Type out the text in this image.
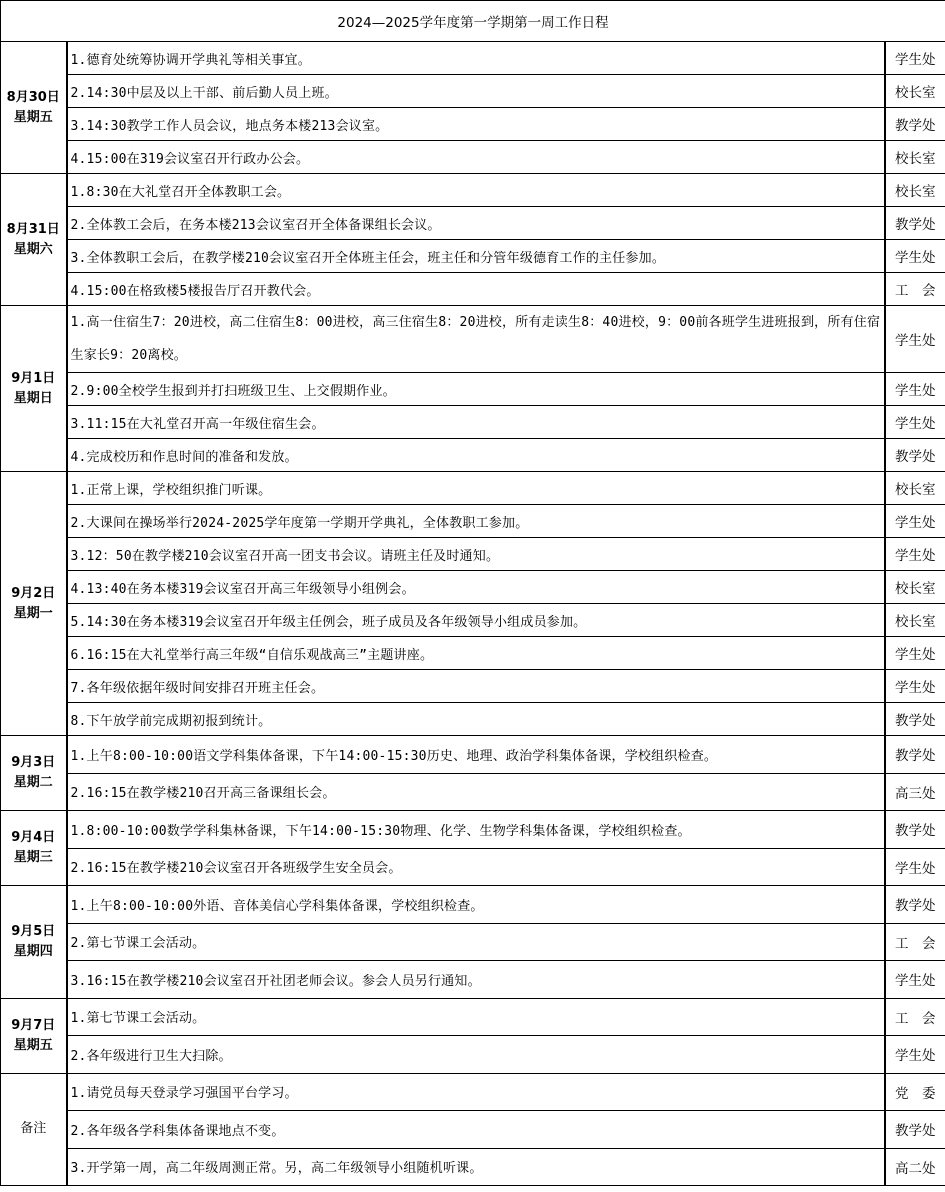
2024—2025学年度第一学期第一周工作日程		

8月30日
星期五	1.德育处统筹协调开学典礼等相关事宜。	学生处
	2.14:30中层及以上干部、前后勤人员上班。	校长室
	3.14:30教学工作人员会议，地点务本楼213会议室。	教学处
	4.15:00在319会议室召开行政办公会。	校长室

8月31日
星期六	1.8:30在大礼堂召开全体教职工会。	校长室
	2.全体教工会后，在务本楼213会议室召开全体备课组长会议。	教学处
	3.全体教职工会后，在教学楼210会议室召开全体班主任会，班主任和分管年级德育工作的主任参加。	学生处
	4.15:00在格致楼5楼报告厅召开教代会。	工　会

9月1日
星期日	1.高一住宿生7：20进校，高二住宿生8：00进校，高三住宿生8：20进校，所有走读生8：40进校，9：00前各班学生进班报到，所有住宿生家长9：20离校。	学生处
	2.9:00全校学生报到并打扫班级卫生、上交假期作业。	学生处
	3.11:15在大礼堂召开高一年级住宿生会。	学生处
	4.完成校历和作息时间的准备和发放。	教学处

9月2日
星期一	1.正常上课，学校组织推门听课。	校长室
	2.大课间在操场举行2024-2025学年度第一学期开学典礼，全体教职工参加。	学生处
	3.12：50在教学楼210会议室召开高一团支书会议。请班主任及时通知。	学生处
	4.13:40在务本楼319会议室召开高三年级领导小组例会。	校长室
	5.14:30在务本楼319会议室召开年级主任例会，班子成员及各年级领导小组成员参加。	校长室
	6.16:15在大礼堂举行高三年级“自信乐观战高三”主题讲座。	学生处
	7.各年级依据年级时间安排召开班主任会。	学生处
	8.下午放学前完成期初报到统计。	教学处

9月3日
星期二	1.上午8:00-10:00语文学科集体备课，下午14:00-15:30历史、地理、政治学科集体备课，学校组织检查。	教学处
	2.16:15在教学楼210召开高三备课组长会。	高三处

9月4日
星期三	1.8:00-10:00数学学科集林备课，下午14:00-15:30物理、化学、生物学科集体备课，学校组织检查。	教学处
	2.16:15在教学楼210会议室召开各班级学生安全员会。	学生处

9月5日
星期四	1.上午8:00-10:00外语、音体美信心学科集体备课，学校组织检查。	教学处
	2.第七节课工会活动。	工　会
	3.16:15在教学楼210会议室召开社团老师会议。参会人员另行通知。	学生处

9月7日
星期五	1.第七节课工会活动。	工　会
	2.各年级进行卫生大扫除。	学生处

备注	1.请党员每天登录学习强国平台学习。	党　委
	2.各年级各学科集体备课地点不变。	教学处
	3.开学第一周，高二年级周测正常。另，高二年级领导小组随机听课。	高二处
